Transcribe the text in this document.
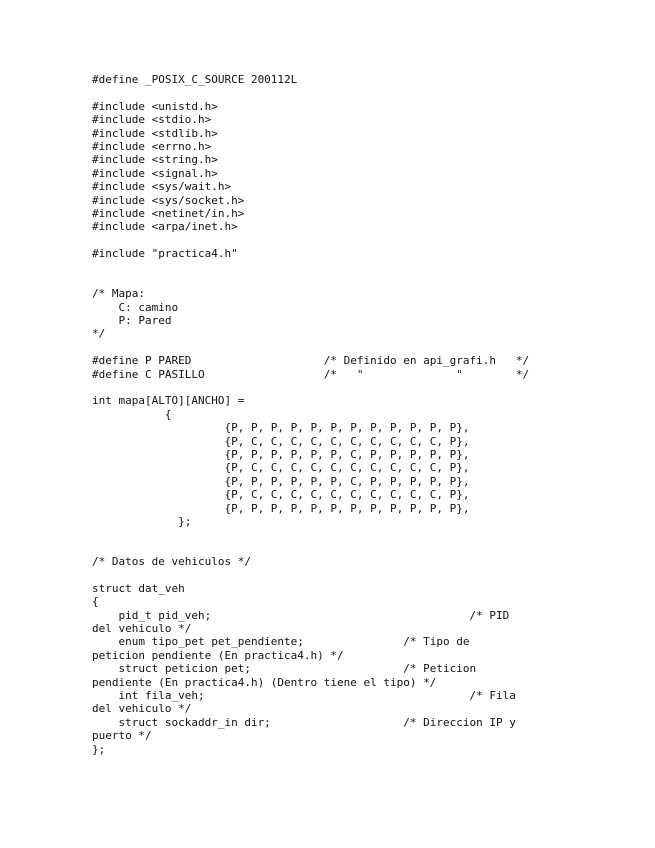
#define _POSIX_C_SOURCE 200112L
#include <unistd.h>
#include <stdio.h>
#include <stdlib.h>
#include <errno.h>
#include <string.h>
#include <signal.h>
#include <sys/wait.h>
#include <sys/socket.h>
#include <netinet/in.h>
#include <arpa/inet.h>
#include "practica4.h"
/* Mapa:
C: camino
P: Pared
*/
#define P PARED                    /* Definido en api_grafi.h   */
#define C PASILLO                  /*   "              "        */
int mapa[ALTO][ANCHO] =
{
{P, P, P, P, P, P, P, P, P, P, P, P},
{P, C, C, C, C, C, C, C, C, C, C, P},
{P, P, P, P, P, P, C, P, P, P, P, P},
{P, C, C, C, C, C, C, C, C, C, C, P},
{P, P, P, P, P, P, C, P, P, P, P, P},
{P, C, C, C, C, C, C, C, C, C, C, P},
{P, P, P, P, P, P, P, P, P, P, P, P},
};
/* Datos de vehiculos */
struct dat_veh
{
pid_t pid_veh;                                       /* PID
del vehiculo */
enum tipo_pet pet_pendiente;               /* Tipo de
peticion pendiente (En practica4.h) */
struct peticion pet;                       /* Peticion
pendiente (En practica4.h) (Dentro tiene el tipo) */
int fila_veh;                                        /* Fila
del vehiculo */
struct sockaddr_in dir;                    /* Direccion IP y
puerto */
};
